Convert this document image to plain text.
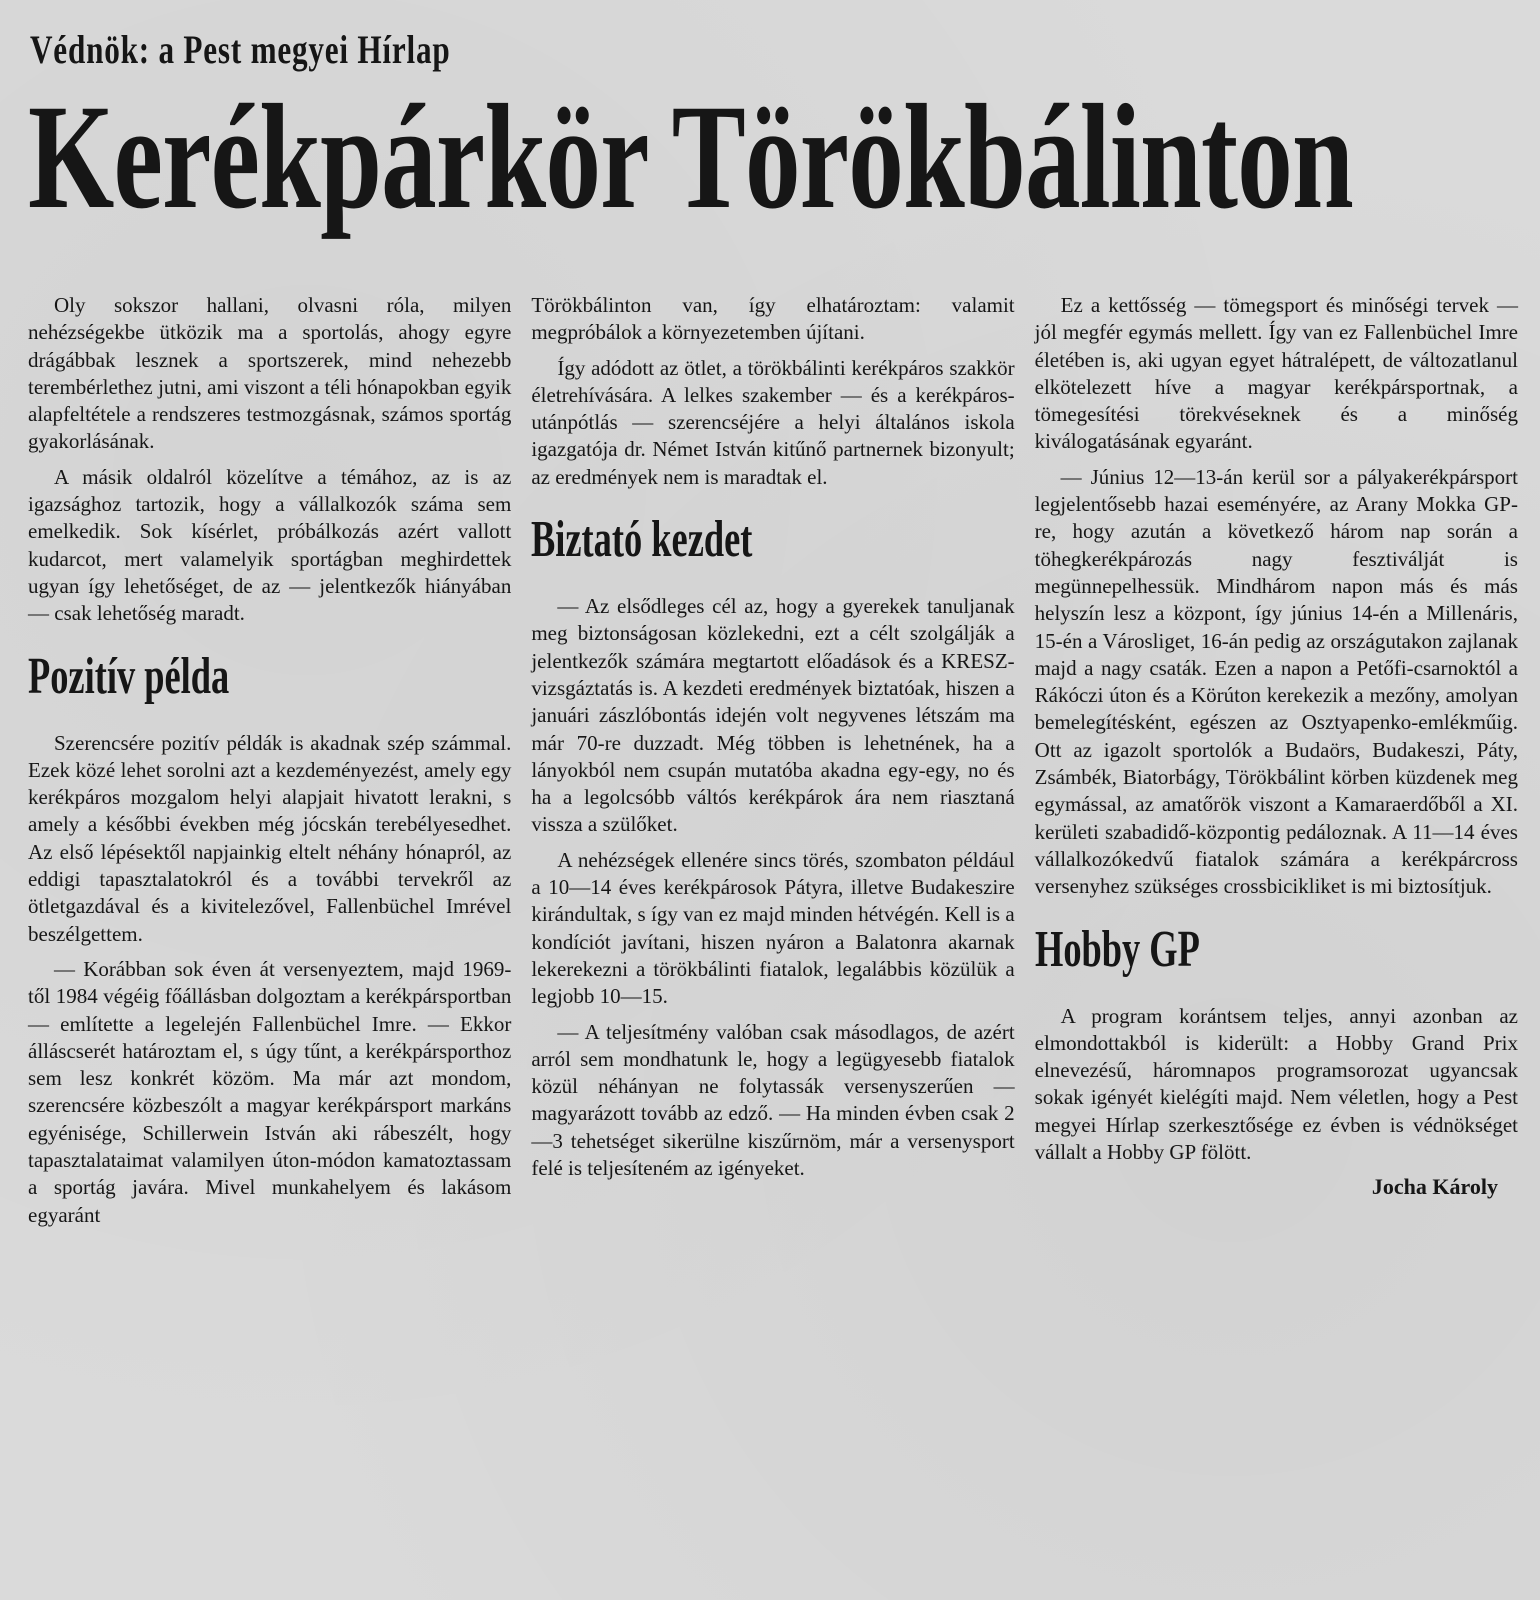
Védnök: a Pest megyei Hírlap
Kerékpárkör Törökbálinton

Oly sokszor hallani, olvasni róla, milyen nehézségekbe ütközik ma a sportolás, ahogy egyre drágábbak lesznek a sportszerek, mind nehezebb terembérlethez jutni, ami viszont a téli hónapokban egyik alapfeltétele a rendszeres testmozgásnak, számos sportág gyakorlásának.

A másik oldalról közelítve a témához, az is az igazsághoz tartozik, hogy a vállalkozók száma sem emelkedik. Sok kísérlet, próbálkozás azért vallott kudarcot, mert valamelyik sportágban meghirdettek ugyan így lehetőséget, de az — jelentkezők hiányában — csak lehetőség maradt.

Pozitív példa

Szerencsére pozitív példák is akadnak szép számmal. Ezek közé lehet sorolni azt a kezdeményezést, amely egy kerékpáros mozgalom helyi alapjait hivatott lerakni, s amely a későbbi években még jócskán terebélyesedhet. Az első lépésektől napjainkig eltelt néhány hónapról, az eddigi tapasztalatokról és a további tervekről az ötletgazdával és a kivitelezővel, Fallenbüchel Imrével beszélgettem.

— Korábban sok éven át versenyeztem, majd 1969-től 1984 végéig főállásban dolgoztam a kerékpársportban — említette a legelején Fallenbüchel Imre. — Ekkor álláscserét határoztam el, s úgy tűnt, a kerékpársporthoz sem lesz konkrét közöm. Ma már azt mondom, szerencsére közbeszólt a magyar kerékpársport markáns egyénisége, Schillerwein István aki rábeszélt, hogy tapasztalataimat valamilyen úton-módon kamatoztassam a sportág javára. Mivel munkahelyem és lakásom egyaránt

Törökbálinton van, így elhatároztam: valamit megpróbálok a környezetemben újítani.

Így adódott az ötlet, a törökbálinti kerékpáros szakkör életrehívására. A lelkes szakember — és a kerékpáros-utánpótlás — szerencséjére a helyi általános iskola igazgatója dr. Német István kitűnő partnernek bizonyult; az eredmények nem is maradtak el.

Biztató kezdet

— Az elsődleges cél az, hogy a gyerekek tanuljanak meg biztonságosan közlekedni, ezt a célt szolgálják a jelentkezők számára megtartott előadások és a KRESZ-vizsgáztatás is. A kezdeti eredmények biztatóak, hiszen a januári zászlóbontás idején volt negyvenes létszám ma már 70-re duzzadt. Még többen is lehetnének, ha a lányokból nem csupán mutatóba akadna egy-egy, no és ha a legolcsóbb váltós kerékpárok ára nem riasztaná vissza a szülőket.

A nehézségek ellenére sincs törés, szombaton például a 10—14 éves kerékpárosok Pátyra, illetve Budakeszire kirándultak, s így van ez majd minden hétvégén. Kell is a kondíciót javítani, hiszen nyáron a Balatonra akarnak lekerekezni a törökbálinti fiatalok, legalábbis közülük a legjobb 10—15.

— A teljesítmény valóban csak másodlagos, de azért arról sem mondhatunk le, hogy a legügyesebb fiatalok közül néhányan ne folytassák versenyszerűen — magyarázott tovább az edző. — Ha minden évben csak 2—3 tehetséget sikerülne kiszűrnöm, már a versenysport felé is teljesíteném az igényeket.

Ez a kettősség — tömegsport és minőségi tervek — jól megfér egymás mellett. Így van ez Fallenbüchel Imre életében is, aki ugyan egyet hátralépett, de változatlanul elkötelezett híve a magyar kerékpársportnak, a tömegesítési törekvéseknek és a minőség kiválogatásának egyaránt.

— Június 12—13-án kerül sor a pályakerékpársport legjelentősebb hazai eseményére, az Arany Mokka GP-re, hogy azután a következő három nap során a töhegkerékpározás nagy fesztiválját is megünnepelhessük. Mindhárom napon más és más helyszín lesz a központ, így június 14-én a Millenáris, 15-én a Városliget, 16-án pedig az országutakon zajlanak majd a nagy csaták. Ezen a napon a Petőfi-csarnoktól a Rákóczi úton és a Körúton kerekezik a mezőny, amolyan bemelegítésként, egészen az Osztyapenko-emlékműig. Ott az igazolt sportolók a Budaörs, Budakeszi, Páty, Zsámbék, Biatorbágy, Törökbálint körben küzdenek meg egymással, az amatőrök viszont a Kamaraerdőből a XI. kerületi szabadidő-központig pedáloznak. A 11—14 éves vállalkozókedvű fiatalok számára a kerékpárcross versenyhez szükséges crossbicikliket is mi biztosítjuk.

Hobby GP

A program korántsem teljes, annyi azonban az elmondottakból is kiderült: a Hobby Grand Prix elnevezésű, háromnapos programsorozat ugyancsak sokak igényét kielégíti majd. Nem véletlen, hogy a Pest megyei Hírlap szerkesztősége ez évben is védnökséget vállalt a Hobby GP fölött.

Jocha Károly
